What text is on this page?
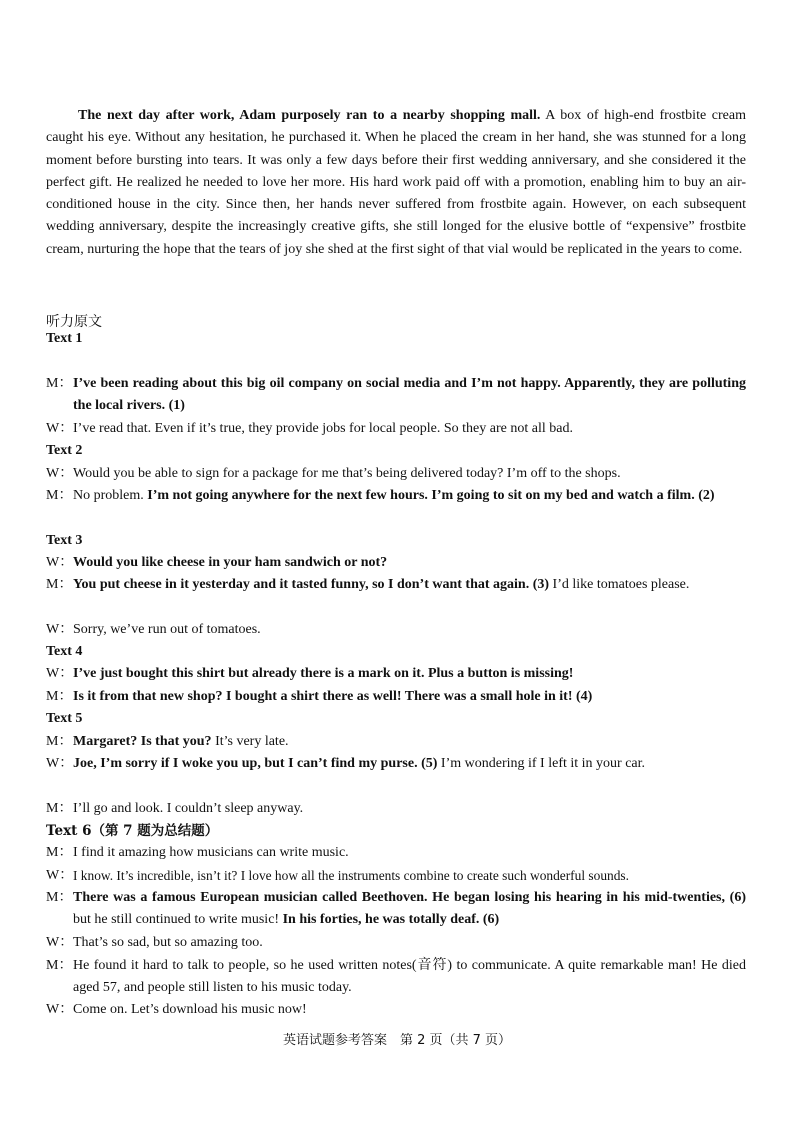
The next day after work, Adam purposely ran to a nearby shopping mall. A box of high-end frostbite cream caught his eye. Without any hesitation, he purchased it. When he placed the cream in her hand, she was stunned for a long moment before bursting into tears. It was only a few days before their first wedding anniversary, and she considered it the perfect gift. He realized he needed to love her more. His hard work paid off with a promotion, enabling him to buy an air-conditioned house in the city. Since then, her hands never suffered from frostbite again. However, on each subsequent wedding anniversary, despite the increasingly creative gifts, she still longed for the elusive bottle of “expensive” frostbite cream, nurturing the hope that the tears of joy she shed at the first sight of that vial would be replicated in the years to come.

听力原文
Text 1
M： I’ve been reading about this big oil company on social media and I’m not happy. Apparently, they are polluting the local rivers. (1)
W： I’ve read that. Even if it’s true, they provide jobs for local people. So they are not all bad.
Text 2
W： Would you be able to sign for a package for me that’s being delivered today? I’m off to the shops.
M： No problem. I’m not going anywhere for the next few hours. I’m going to sit on my bed and watch a film. (2)
Text 3
W： Would you like cheese in your ham sandwich or not?
M： You put cheese in it yesterday and it tasted funny, so I don’t want that again. (3) I’d like tomatoes please.
W： Sorry, we’ve run out of tomatoes.
Text 4
W： I’ve just bought this shirt but already there is a mark on it. Plus a button is missing!
M： Is it from that new shop? I bought a shirt there as well! There was a small hole in it! (4)
Text 5
M： Margaret? Is that you? It’s very late.
W： Joe, I’m sorry if I woke you up, but I can’t find my purse. (5) I’m wondering if I left it in your car.
M： I’ll go and look. I couldn’t sleep anyway.
Text 6（第 7 题为总结题）
M： I find it amazing how musicians can write music.
W： I know. It’s incredible, isn’t it? I love how all the instruments combine to create such wonderful sounds.
M： There was a famous European musician called Beethoven. He began losing his hearing in his mid-twenties, (6) but he still continued to write music! In his forties, he was totally deaf. (6)
W： That’s so sad, but so amazing too.
M： He found it hard to talk to people, so he used written notes(音符) to communicate. A quite remarkable man! He died aged 57, and people still listen to his music today.
W： Come on. Let’s download his music now!
英语试题参考答案　第 2 页（共 7 页）
